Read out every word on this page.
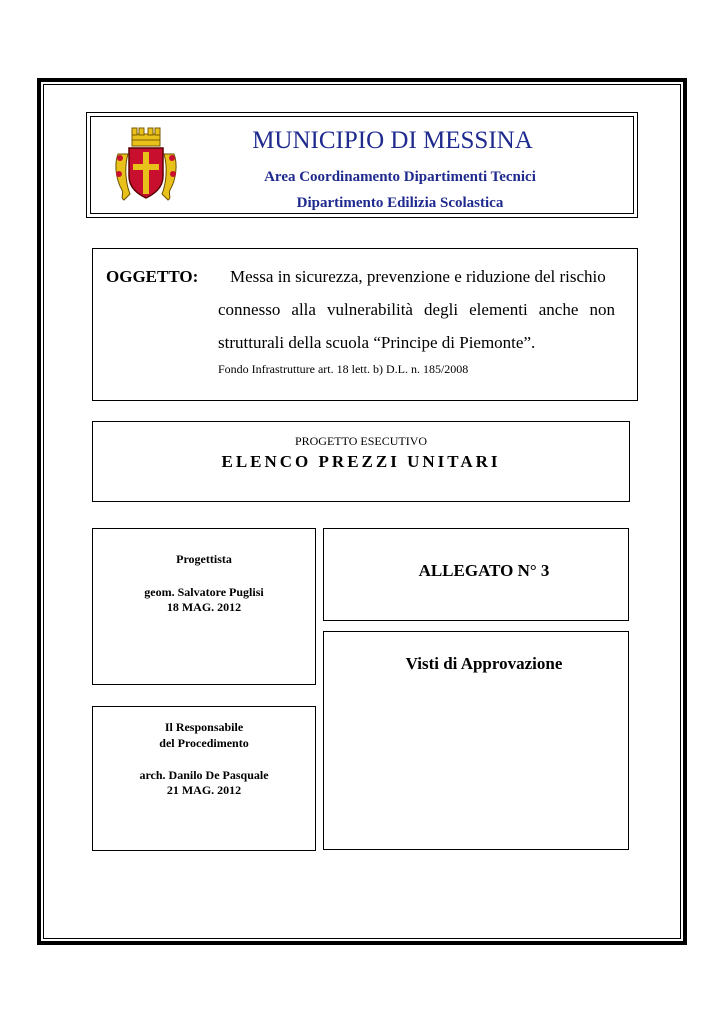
MUNICIPIO DI MESSINA
Area Coordinamento Dipartimenti Tecnici
Dipartimento Edilizia Scolastica
OGGETTO: Messa in sicurezza, prevenzione e riduzione del rischio
connesso alla vulnerabilità degli elementi anche non
strutturali della scuola “Principe di Piemonte”.
Fondo Infrastrutture art. 18 lett. b) D.L. n. 185/2008
PROGETTO ESECUTIVO
ELENCO PREZZI UNITARI
Progettista
geom. Salvatore Puglisi
18 MAG. 2012
ALLEGATO N° 3
Visti di Approvazione
Il Responsabile
del Procedimento
arch. Danilo De Pasquale
21 MAG. 2012
